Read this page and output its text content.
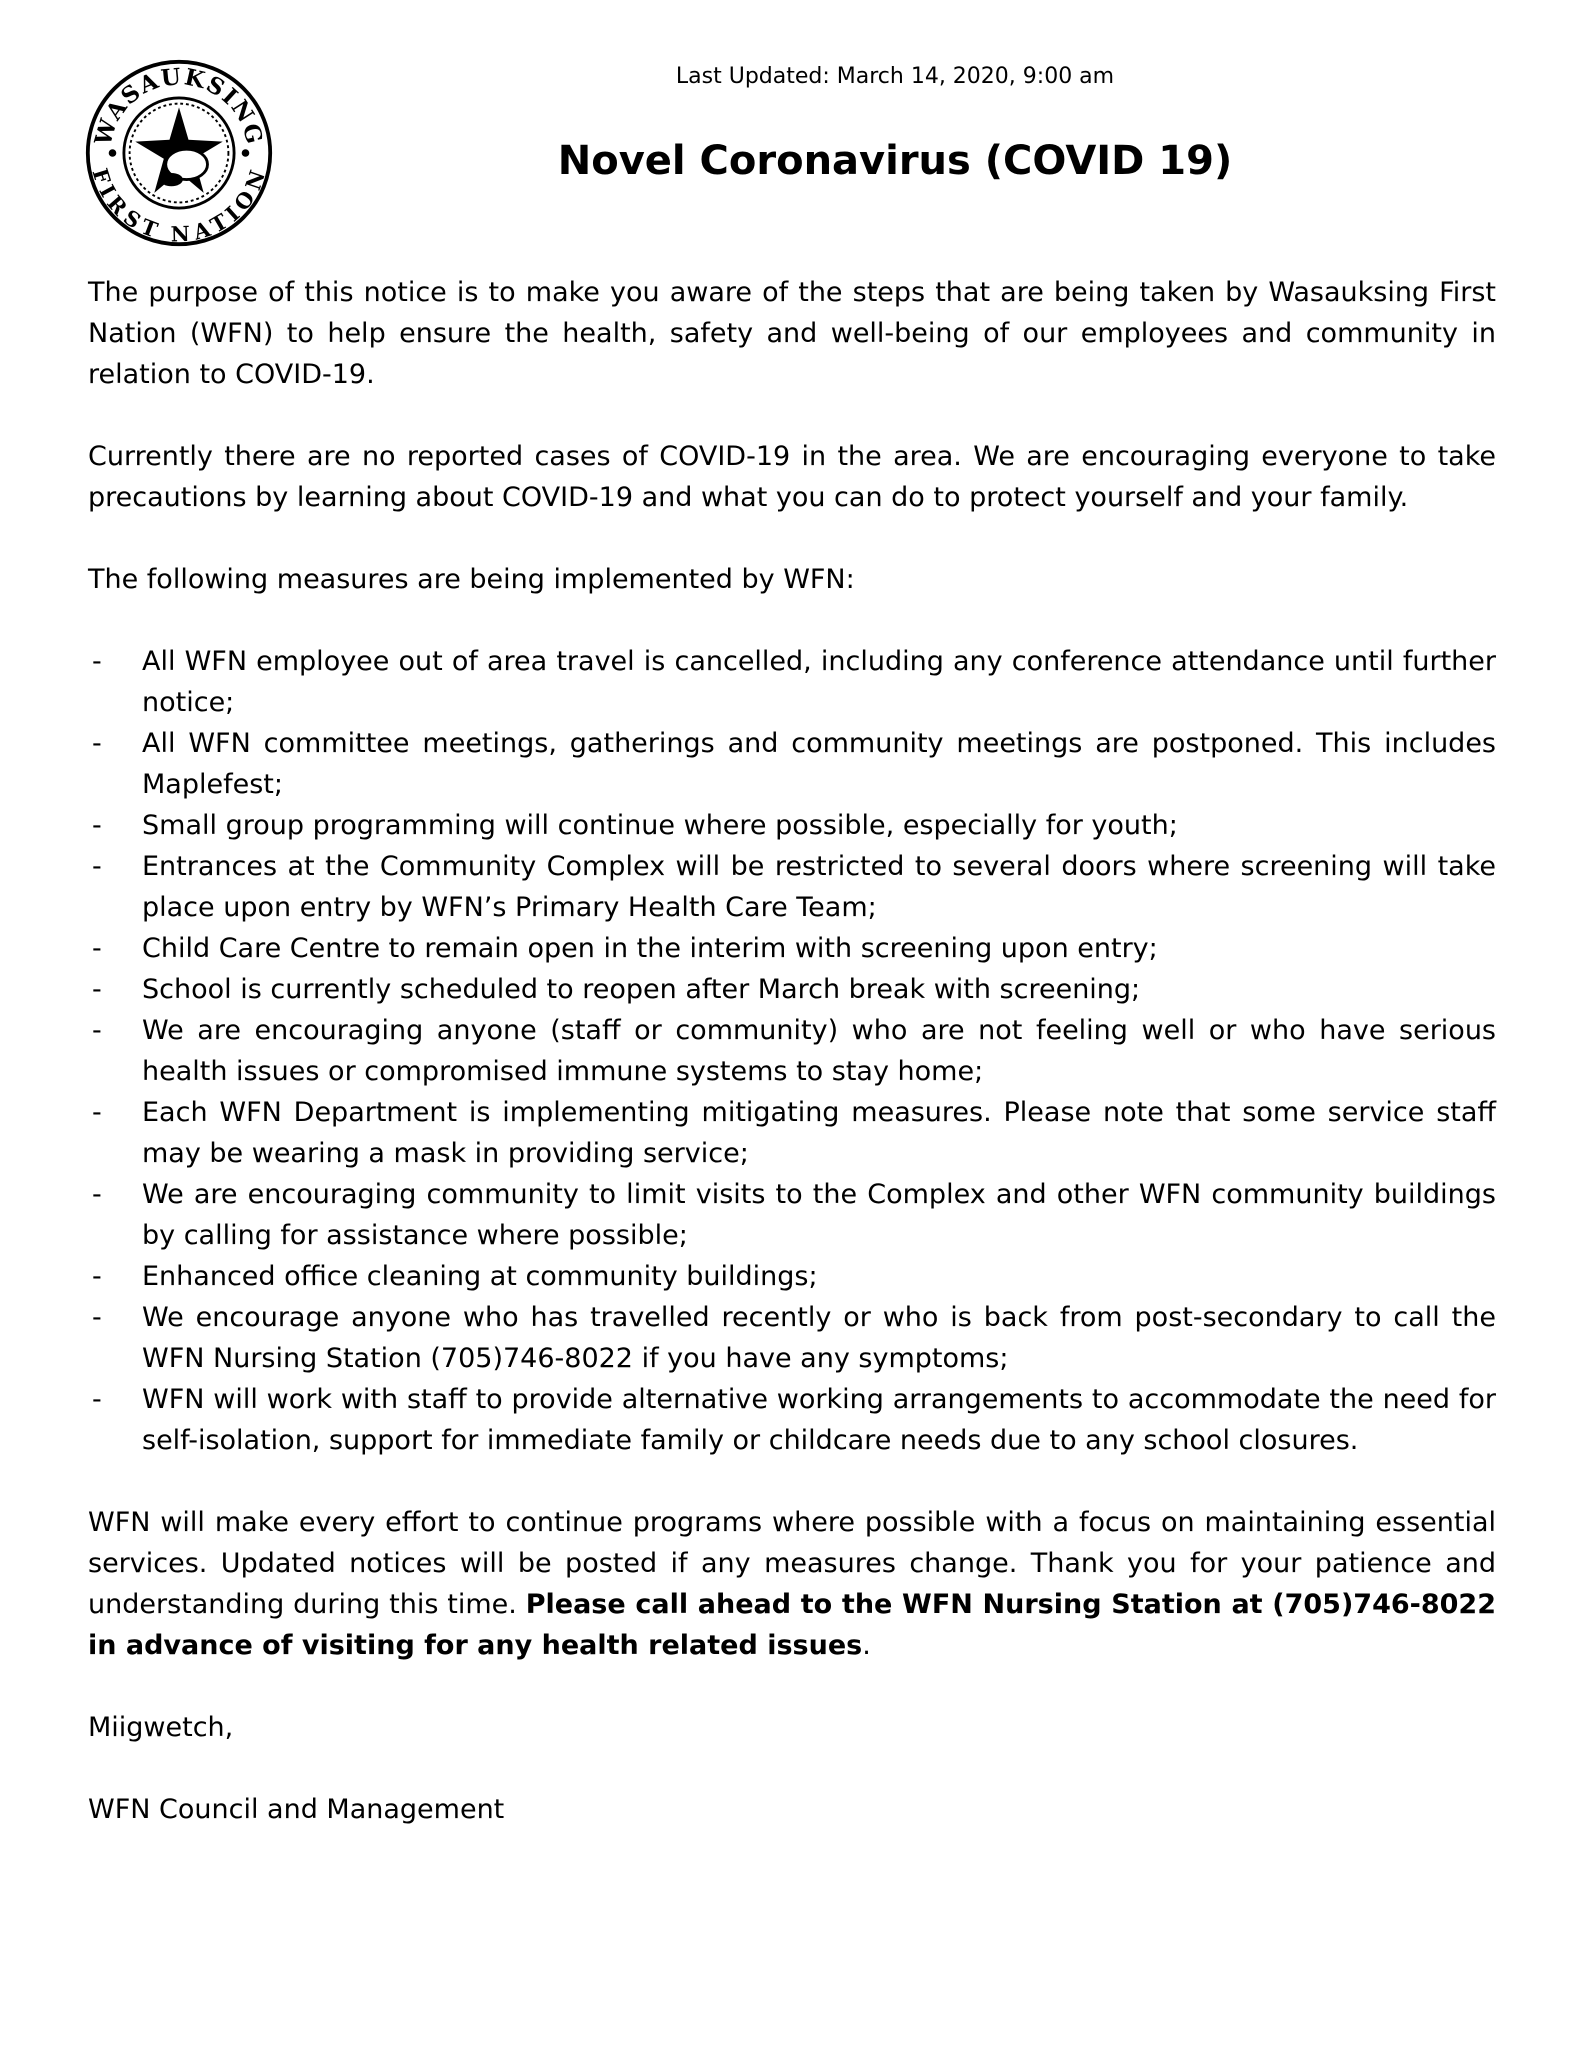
WASAUKSING
FIRST NATION
Last Updated: March 14, 2020, 9:00 am
Novel Coronavirus (COVID 19)

The purpose of this notice is to make you aware of the steps that are being taken by Wasauksing First Nation (WFN) to help ensure the health, safety and well-being of our employees and community in relation to COVID-19.

Currently there are no reported cases of COVID-19 in the area. We are encouraging everyone to take precautions by learning about COVID-19 and what you can do to protect yourself and your family.

The following measures are being implemented by WFN:

- All WFN employee out of area travel is cancelled, including any conference attendance until further notice;
- All WFN committee meetings, gatherings and community meetings are postponed. This includes Maplefest;
- Small group programming will continue where possible, especially for youth;
- Entrances at the Community Complex will be restricted to several doors where screening will take place upon entry by WFN’s Primary Health Care Team;
- Child Care Centre to remain open in the interim with screening upon entry;
- School is currently scheduled to reopen after March break with screening;
- We are encouraging anyone (staff or community) who are not feeling well or who have serious health issues or compromised immune systems to stay home;
- Each WFN Department is implementing mitigating measures. Please note that some service staff may be wearing a mask in providing service;
- We are encouraging community to limit visits to the Complex and other WFN community buildings by calling for assistance where possible;
- Enhanced office cleaning at community buildings;
- We encourage anyone who has travelled recently or who is back from post-secondary to call the WFN Nursing Station (705)746-8022 if you have any symptoms;
- WFN will work with staff to provide alternative working arrangements to accommodate the need for self-isolation, support for immediate family or childcare needs due to any school closures.

WFN will make every effort to continue programs where possible with a focus on maintaining essential services. Updated notices will be posted if any measures change. Thank you for your patience and understanding during this time. Please call ahead to the WFN Nursing Station at (705)746-8022 in advance of visiting for any health related issues.

Miigwetch,

WFN Council and Management
